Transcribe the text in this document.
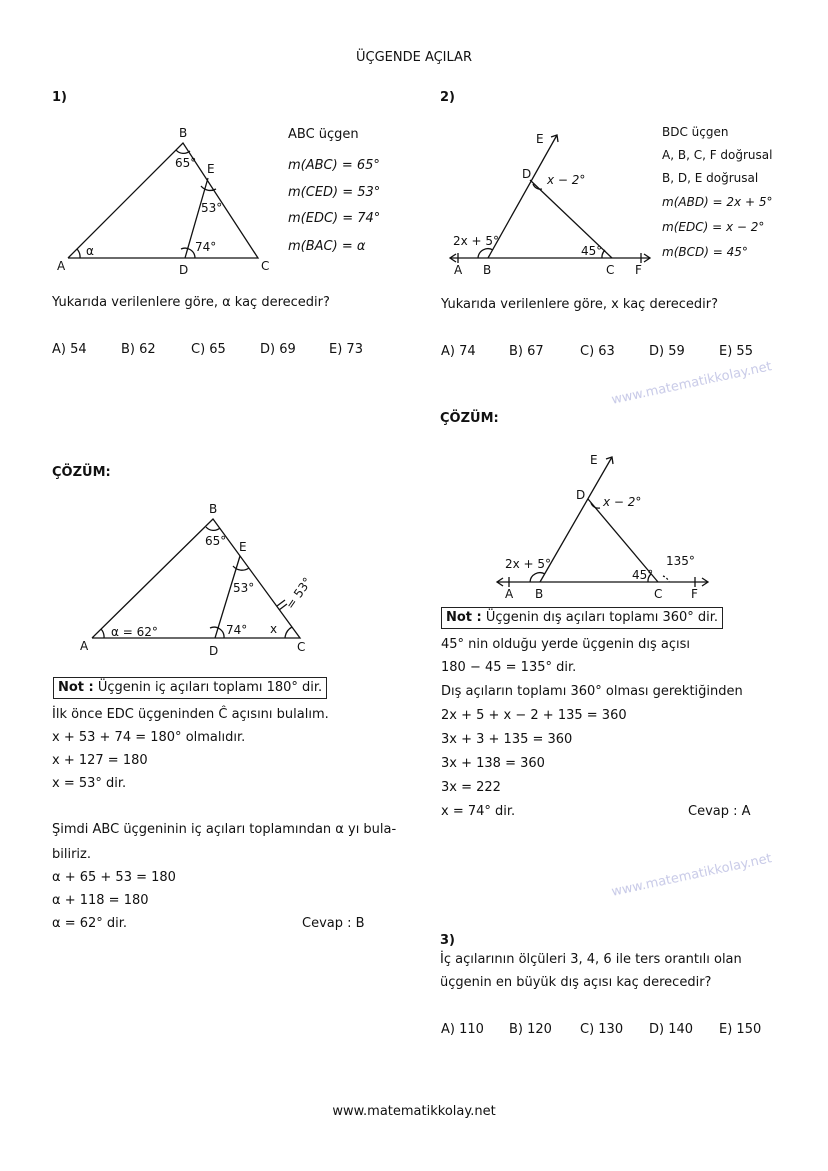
ÜÇGENDE AÇILAR
1)
B
65° E
53°
74°
α
A	D	C
E
D x − 2°
2x + 5°
45°
A B	C F
B
65° E
53°
74°
α = 62°	x
= 53°
A	D	C
E
D x − 2°
2x + 5°
45°
135°
A B	C F
ABC üçgen
m(ABC) = 65°
m(CED) = 53°
m(EDC) = 74°
m(BAC) = α
Yukarıda verilenlere göre, α kaç derecedir?
A) 54	B) 62	C) 65	D) 69	E) 73
2)
BDC üçgen
A, B, C, F doğrusal
B, D, E doğrusal
m(ABD) = 2x + 5°
m(EDC) = x − 2°
m(BCD) = 45°
www.matematikkolay.net
Yukarıda verilenlere göre, x kaç derecedir?
A) 74	B) 67	C) 63	D) 59	E) 55
ÇÖZÜM:
Not : Üçgenin dış açıları toplamı 360° dir.
45° nin olduğu yerde üçgenin dış açısı
180 − 45 = 135° dir.
Dış açıların toplamı 360° olması gerektiğinden
2x + 5 + x − 2 + 135 = 360
3x + 3 + 135 = 360
3x + 138 = 360
3x = 222
x = 74° dir.	Cevap : A
www.matematikkolay.net
ÇÖZÜM:
Not : Üçgenin iç açıları toplamı 180° dir.
İlk önce EDC üçgeninden Ĉ açısını bulalım.
x + 53 + 74 = 180° olmalıdır.
x + 127 = 180
x = 53° dir.
Şimdi ABC üçgeninin iç açıları toplamından α yı bula-
biliriz.
α + 65 + 53 = 180
α + 118 = 180
α = 62° dir.	Cevap : B
3)
İç açılarının ölçüleri 3, 4, 6 ile ters orantılı olan
üçgenin en büyük dış açısı kaç derecedir?
A) 110 B) 120 C) 130 D) 140 E) 150
www.matematikkolay.net
